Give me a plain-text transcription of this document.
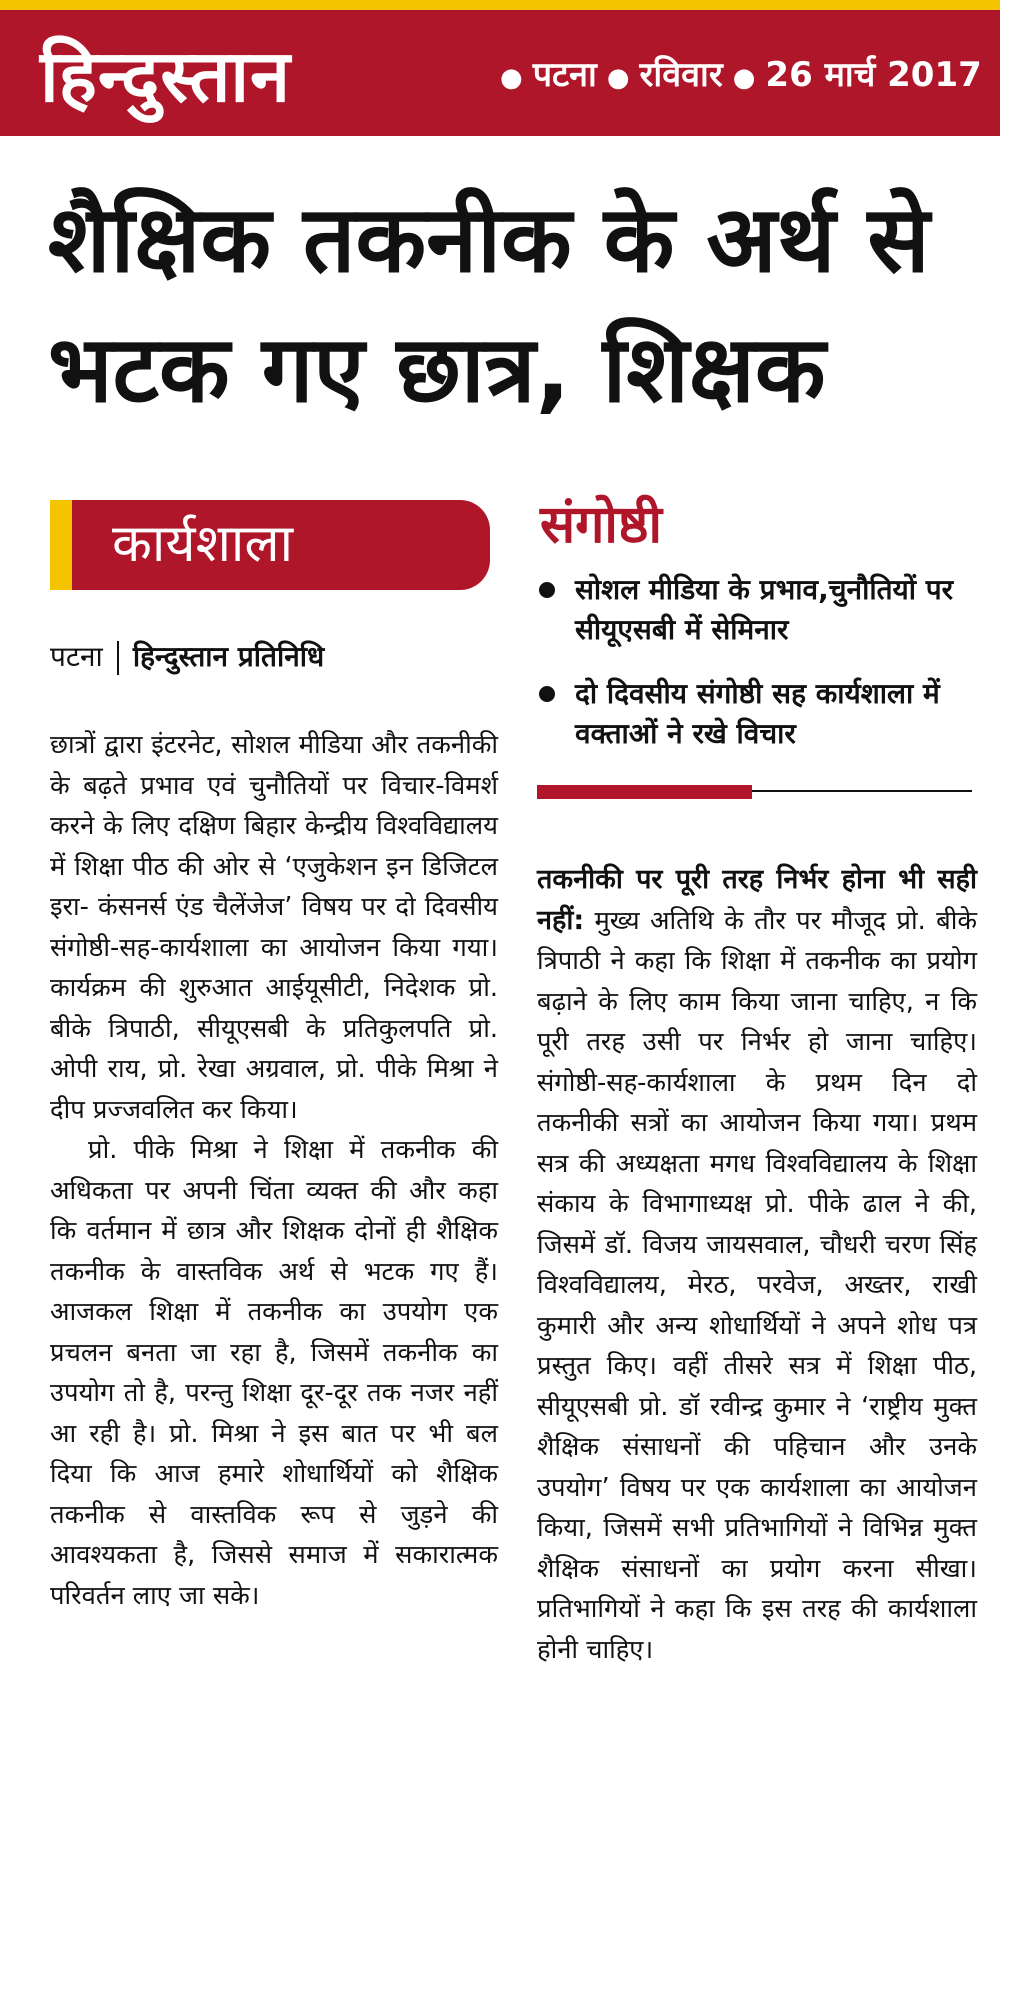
हिन्दुस्तान	● पटना ● रविवार ● 26 मार्च 2017
शैक्षिक तकनीक के अर्थ से भटक गए छात्र, शिक्षक
कार्यशाला
पटना हिन्दुस्तान प्रतिनिधि

छात्रों द्वारा इंटरनेट, सोशल मीडिया और तकनीकी के बढ़ते प्रभाव एवं चुनौतियों पर विचार-विमर्श करने के लिए दक्षिण बिहार केन्द्रीय विश्वविद्यालय में शिक्षा पीठ की ओर से ‘एजुकेशन इन डिजिटल इरा- कंसनर्स एंड चैलेंजेज’ विषय पर दो दिवसीय संगोष्ठी-सह-कार्यशाला का आयोजन किया गया। कार्यक्रम की शुरुआत आईयूसीटी, निदेशक प्रो. बीके त्रिपाठी, सीयूएसबी के प्रतिकुलपति प्रो. ओपी राय, प्रो. रेखा अग्रवाल, प्रो. पीके मिश्रा ने दीप प्रज्जवलित कर किया।

प्रो. पीके मिश्रा ने शिक्षा में तकनीक की अधिकता पर अपनी चिंता व्यक्त की और कहा कि वर्तमान में छात्र और शिक्षक दोनों ही शैक्षिक तकनीक के वास्तविक अर्थ से भटक गए हैं। आजकल शिक्षा में तकनीक का उपयोग एक प्रचलन बनता जा रहा है, जिसमें तकनीक का उपयोग तो है, परन्तु शिक्षा दूर-दूर तक नजर नहीं आ रही है। प्रो. मिश्रा ने इस बात पर भी बल दिया कि आज हमारे शोधार्थियों को शैक्षिक तकनीक से वास्तविक रूप से जुड़ने की आवश्यकता है, जिससे समाज में सकारात्मक परिवर्तन लाए जा सके।

संगोष्ठी
सोशल मीडिया के प्रभाव,चुनौतियों पर सीयूएसबी में सेमिनार
दो दिवसीय संगोष्ठी सह कार्यशाला में वक्ताओं ने रखे विचार
तकनीकी पर पूरी तरह निर्भर होना भी सही नहीं: मुख्य अतिथि के तौर पर मौजूद प्रो. बीके त्रिपाठी ने कहा कि शिक्षा में तकनीक का प्रयोग बढ़ाने के लिए काम किया जाना चाहिए, न कि पूरी तरह उसी पर निर्भर हो जाना चाहिए। संगोष्ठी-सह-कार्यशाला के प्रथम दिन दो तकनीकी सत्रों का आयोजन किया गया। प्रथम सत्र की अध्यक्षता मगध विश्वविद्यालय के शिक्षा संकाय के विभागाध्यक्ष प्रो. पीके ढाल ने की, जिसमें डॉ. विजय जायसवाल, चौधरी चरण सिंह विश्वविद्यालय, मेरठ, परवेज, अख्तर, राखी कुमारी और अन्य शोधार्थियों ने अपने शोध पत्र प्रस्तुत किए। वहीं तीसरे सत्र में शिक्षा पीठ, सीयूएसबी प्रो. डॉ रवीन्द्र कुमार ने ‘राष्ट्रीय मुक्त शैक्षिक संसाधनों की पहिचान और उनके उपयोग’ विषय पर एक कार्यशाला का आयोजन किया, जिसमें सभी प्रतिभागियों ने विभिन्न मुक्त शैक्षिक संसाधनों का प्रयोग करना सीखा। प्रतिभागियों ने कहा कि इस तरह की कार्यशाला होनी चाहिए।
